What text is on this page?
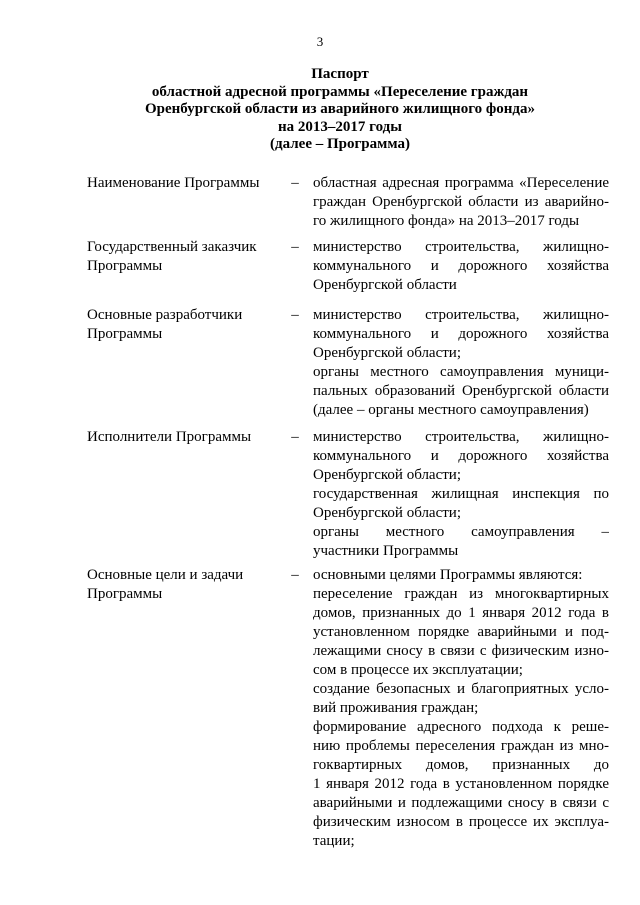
3
Паспорт
областной адресной программы «Переселение граждан
Оренбургской области из аварийного жилищного фонда»
на 2013–2017 годы
(далее – Программа)
Наименование Программы	– областная адресная программа «Переселение
граждан Оренбургской области из аварийно-
го жилищного фонда» на 2013–2017 годы
Государственный заказчик
Программы
– министерство строительства, жилищно-
коммунального и дорожного хозяйства
Оренбургской области
Основные разработчики
Программы
– министерство строительства, жилищно-
коммунального и дорожного хозяйства
Оренбургской области;
органы местного самоуправления муници-
пальных образований Оренбургской области
(далее – органы местного самоуправления)
Исполнители Программы	– министерство строительства, жилищно-
коммунального и дорожного хозяйства
Оренбургской области;
государственная жилищная инспекция по
Оренбургской области;
органы местного самоуправления –
участники Программы
Основные цели и задачи
Программы
– основными целями Программы являются:
переселение граждан из многоквартирных
домов, признанных до 1 января 2012 года в
установленном порядке аварийными и под-
лежащими сносу в связи с физическим изно-
сом в процессе их эксплуатации;
создание безопасных и благоприятных усло-
вий проживания граждан;
формирование адресного подхода к реше-
нию проблемы переселения граждан из мно-
гоквартирных домов, признанных до
1 января 2012 года в установленном порядке
аварийными и подлежащими сносу в связи с
физическим износом в процессе их эксплуа-
тации;
